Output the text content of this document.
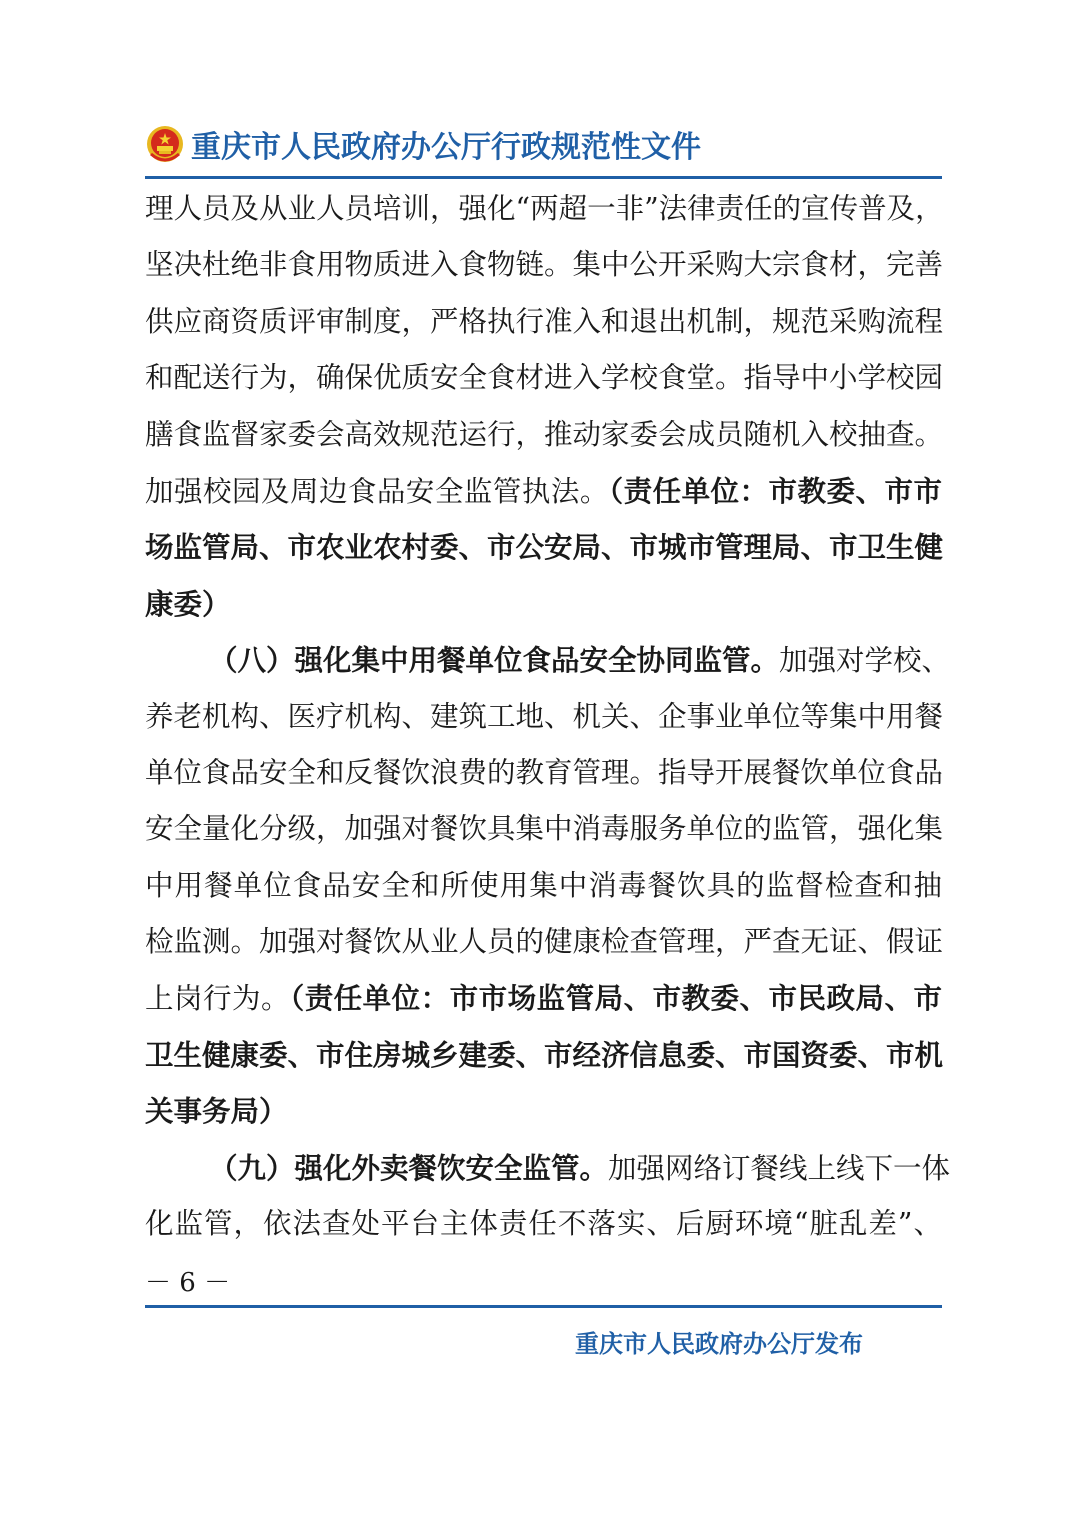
重庆市人民政府办公厅行政规范性文件
理人员及从业人员培训，强化“两超一非”法律责任的宣传普及，
坚决杜绝非食用物质进入食物链。集中公开采购大宗食材，完善
供应商资质评审制度，严格执行准入和退出机制，规范采购流程
和配送行为，确保优质安全食材进入学校食堂。指导中小学校园
膳食监督家委会高效规范运行，推动家委会成员随机入校抽查。
加强校园及周边食品安全监管执法。（责任单位：市教委、市市
场监管局、市农业农村委、市公安局、市城市管理局、市卫生健
康委）
（八）强化集中用餐单位食品安全协同监管。加强对学校、
养老机构、医疗机构、建筑工地、机关、企事业单位等集中用餐
单位食品安全和反餐饮浪费的教育管理。指导开展餐饮单位食品
安全量化分级，加强对餐饮具集中消毒服务单位的监管，强化集
中用餐单位食品安全和所使用集中消毒餐饮具的监督检查和抽
检监测。加强对餐饮从业人员的健康检查管理，严查无证、假证
上岗行为。（责任单位：市市场监管局、市教委、市民政局、市
卫生健康委、市住房城乡建委、市经济信息委、市国资委、市机
关事务局）
（九）强化外卖餐饮安全监管。加强网络订餐线上线下一体
化监管，依法查处平台主体责任不落实、后厨环境“脏乱差”、
－ 6 －
重庆市人民政府办公厅发布
